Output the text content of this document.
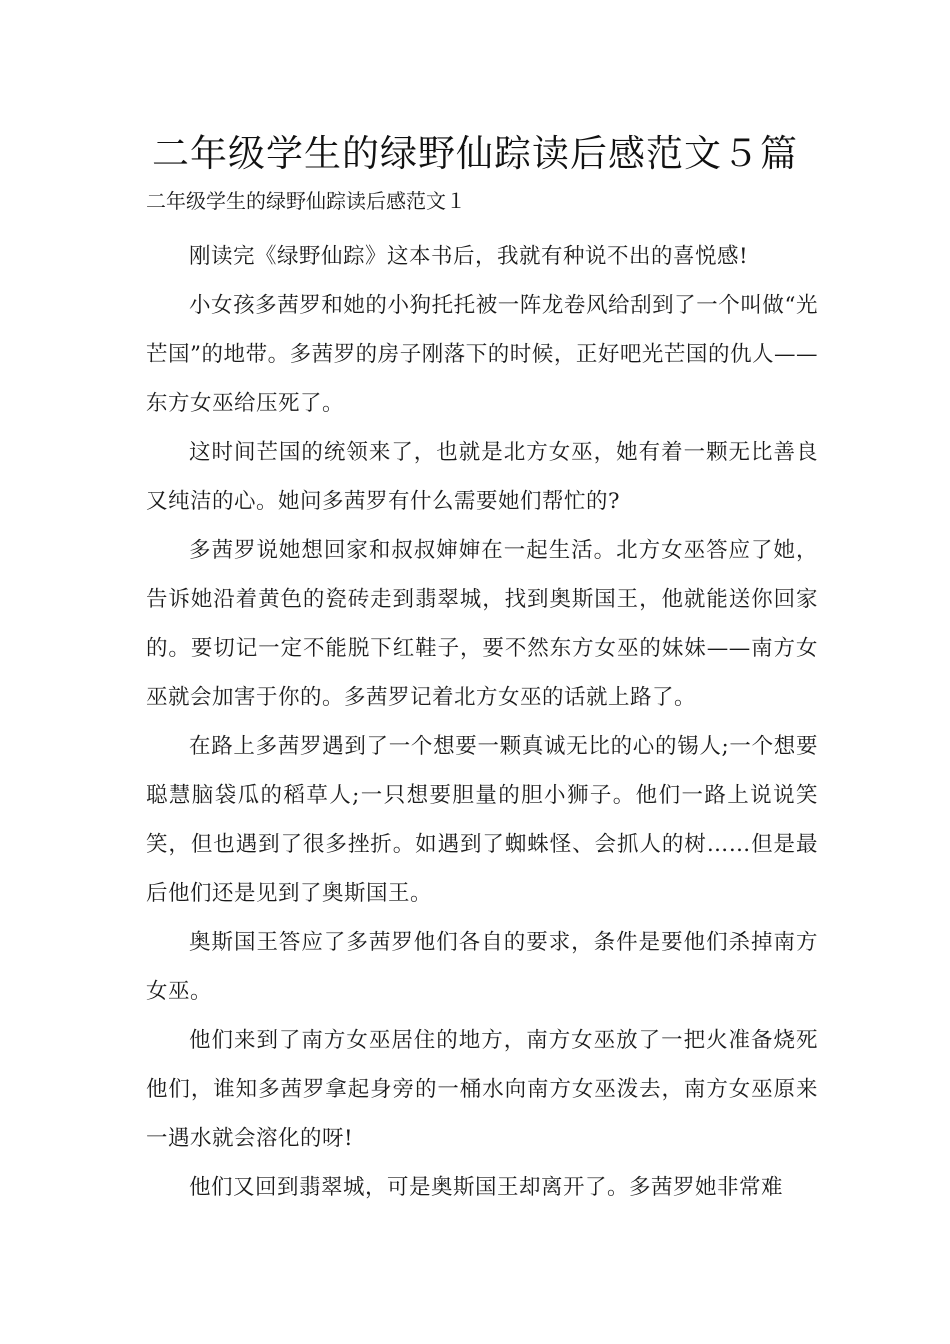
二年级学生的绿野仙踪读后感范文５篇

二年级学生的绿野仙踪读后感范文１

刚读完《绿野仙踪》这本书后，我就有种说不出的喜悦感!

小女孩多茜罗和她的小狗托托被一阵龙卷风给刮到了一个叫做“光芒国”的地带。多茜罗的房子刚落下的时候，正好吧光芒国的仇人——东方女巫给压死了。

这时间芒国的统领来了，也就是北方女巫，她有着一颗无比善良又纯洁的心。她问多茜罗有什么需要她们帮忙的?

多茜罗说她想回家和叔叔婶婶在一起生活。北方女巫答应了她，告诉她沿着黄色的瓷砖走到翡翠城，找到奥斯国王，他就能送你回家的。要切记一定不能脱下红鞋子，要不然东方女巫的妹妹——南方女巫就会加害于你的。多茜罗记着北方女巫的话就上路了。

在路上多茜罗遇到了一个想要一颗真诚无比的心的锡人;一个想要聪慧脑袋瓜的稻草人;一只想要胆量的胆小狮子。他们一路上说说笑笑，但也遇到了很多挫折。如遇到了蜘蛛怪、会抓人的树……但是最后他们还是见到了奥斯国王。

奥斯国王答应了多茜罗他们各自的要求，条件是要他们杀掉南方女巫。

他们来到了南方女巫居住的地方，南方女巫放了一把火准备烧死他们，谁知多茜罗拿起身旁的一桶水向南方女巫泼去，南方女巫原来一遇水就会溶化的呀!

他们又回到翡翠城，可是奥斯国王却离开了。多茜罗她非常难
